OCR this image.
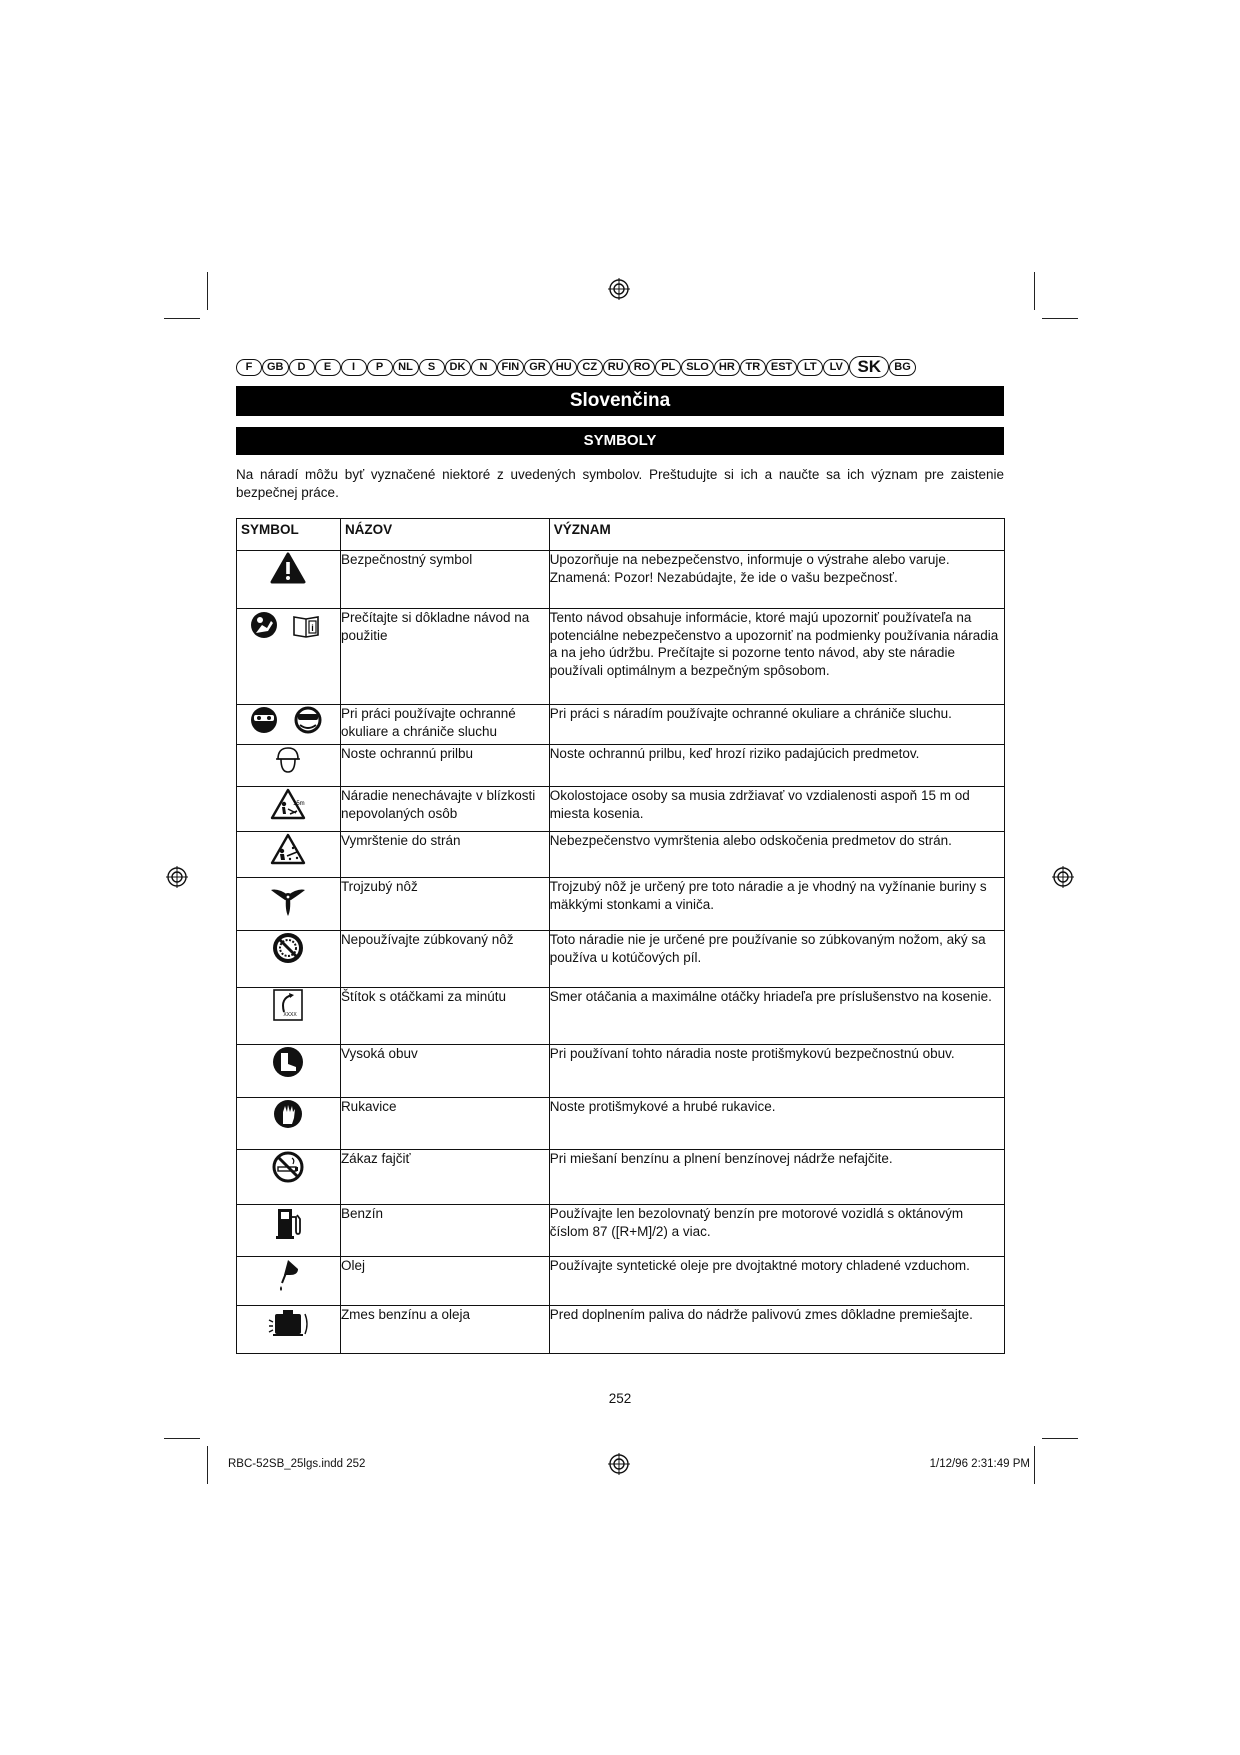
F	GB	D	E	I	P	NL	S	DK	N	FIN GR HU CZ RU RO PL SLO HR TR EST	LT	LV SK	BG
Slovenčina
SYMBOLY
Na náradí môžu byť vyznačené niektoré z uvedených symbolov. Preštudujte si ich a naučte sa ich význam pre zaistenie bezpečnej práce.
SYMBOL	NÁZOV	VÝZNAM
	Bezpečnostný symbol	Upozorňuje na nebezpečenstvo, informuje o výstrahe alebo varuje. Znamená: Pozor! Nezabúdajte, že ide o vašu bezpečnosť.

i	Prečítajte si dôkladne návod na použitie	Tento návod obsahuje informácie, ktoré majú upozorniť používateľa na potenciálne nebezpečenstvo a upozorniť na podmienky používania náradia a na jeho údržbu. Prečítajte si pozorne tento návod, aby ste náradie používali optimálnym a bezpečným spôsobom.
	Pri práci používajte ochranné okuliare a chrániče sluchu	Pri práci s náradím používajte ochranné okuliare a chrániče sluchu.
	Noste ochrannú prilbu	Noste ochrannú prilbu, keď hrozí riziko padajúcich predmetov.

15m	Náradie nenechávajte v blízkosti nepovolaných osôb	Okolostojace osoby sa musia zdržiavať vo vzdialenosti aspoň 15 m od miesta kosenia.
	Vymrštenie do strán	Nebezpečenstvo vymrštenia alebo odskočenia predmetov do strán.
	Trojzubý nôž	Trojzubý nôž je určený pre toto náradie a je vhodný na vyžínanie buriny s mäkkými stonkami a viniča.
	Nepoužívajte zúbkovaný nôž	Toto náradie nie je určené pre používanie so zúbkovaným nožom, aký sa používa u kotúčových píl.

XXXX	Štítok s otáčkami za minútu	Smer otáčania a maximálne otáčky hriadeľa pre príslušenstvo na kosenie.
	Vysoká obuv	Pri používaní tohto náradia noste protišmykovú bezpečnostnú obuv.
	Rukavice	Noste protišmykové a hrubé rukavice.
	Zákaz fajčiť	Pri miešaní benzínu a plnení benzínovej nádrže nefajčite.
	Benzín	Používajte len bezolovnatý benzín pre motorové vozidlá s oktánovým číslom 87 ([R+M]/2) a viac.
	Olej	Používajte syntetické oleje pre dvojtaktné motory chladené vzduchom.
	Zmes benzínu a oleja	Pred doplnením paliva do nádrže palivovú zmes dôkladne premiešajte.
252
RBC-52SB_25lgs.indd 252	1/12/96 2:31:49 PM
